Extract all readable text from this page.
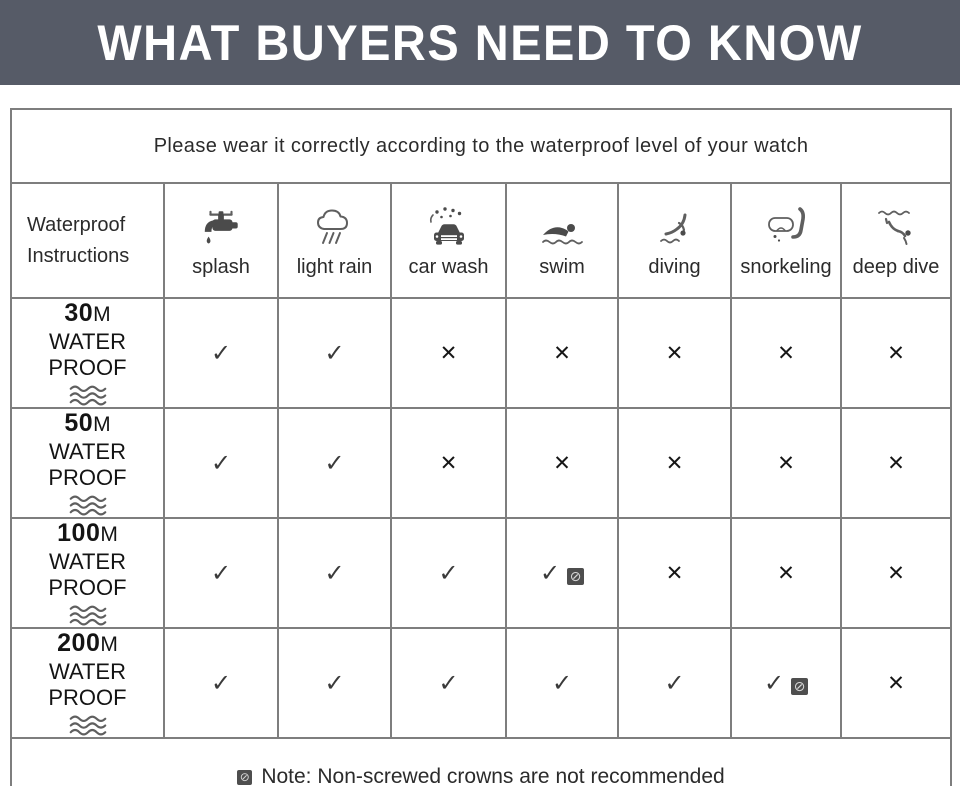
WHAT BUYERS NEED TO KNOW
Please wear it correctly according to the waterproof level of your watch							

Waterproof
Instructions	splash	light rain	car wash	swim	diving	snorkeling	deep dive

30M
WATER PROOF	✓	✓	✕	✕	✕	✕	✕

50M
WATER PROOF	✓	✓	✕	✕	✕	✕	✕

100M
WATER PROOF	✓	✓	✓	✓ ⊘	✕	✕	✕

200M
WATER PROOF	✓	✓	✓	✓	✓	✓ ⊘	✕
⊘ Note: Non-screwed crowns are not recommended							
